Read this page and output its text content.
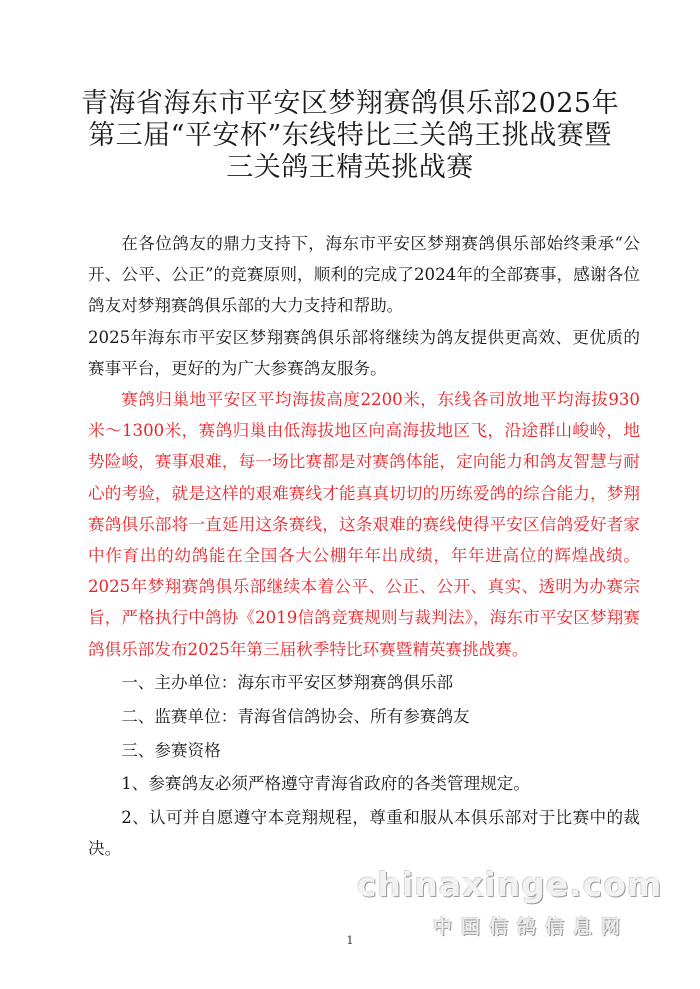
青海省海东市平安区梦翔赛鸽俱乐部2025年
第三届“平安杯”东线特比三关鸽王挑战赛暨
三关鸽王精英挑战赛

在各位鸽友的鼎力支持下，海东市平安区梦翔赛鸽俱乐部始终秉承“公开、公平、公正”的竞赛原则，顺利的完成了2024年的全部赛事，感谢各位鸽友对梦翔赛鸽俱乐部的大力支持和帮助。

2025年海东市平安区梦翔赛鸽俱乐部将继续为鸽友提供更高效、更优质的赛事平台，更好的为广大参赛鸽友服务。

赛鸽归巢地平安区平均海拔高度2200米，东线各司放地平均海拔930米～1300米，赛鸽归巢由低海拔地区向高海拔地区飞，沿途群山峻岭，地势险峻，赛事艰难，每一场比赛都是对赛鸽体能，定向能力和鸽友智慧与耐心的考验，就是这样的艰难赛线才能真真切切的历练爱鸽的综合能力，梦翔赛鸽俱乐部将一直延用这条赛线，这条艰难的赛线使得平安区信鸽爱好者家中作育出的幼鸽能在全国各大公棚年年出成绩，年年进高位的辉煌战绩。2025年梦翔赛鸽俱乐部继续本着公平、公正、公开、真实、透明为办赛宗旨，严格执行中鸽协《2019信鸽竞赛规则与裁判法》，海东市平安区梦翔赛鸽俱乐部发布2025年第三届秋季特比环赛暨精英赛挑战赛。

一、主办单位：海东市平安区梦翔赛鸽俱乐部

二、监赛单位：青海省信鸽协会、所有参赛鸽友

三、参赛资格

1、参赛鸽友必须严格遵守青海省政府的各类管理规定。

2、认可并自愿遵守本竞翔规程，尊重和服从本俱乐部对于比赛中的裁决。

1
chinaxinge.com
中国信鸽信息网
